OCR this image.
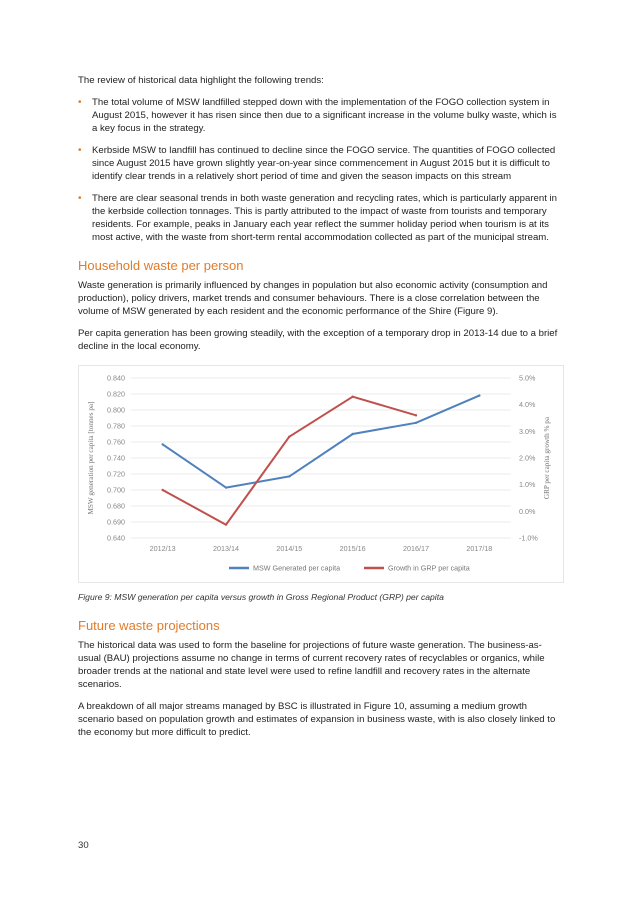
The review of historical data highlight the following trends:

• The total volume of MSW landfilled stepped down with the implementation of the FOGO collection system in August 2015, however it has risen since then due to a significant increase in the volume bulky waste, which is a key focus in the strategy.
• Kerbside MSW to landfill has continued to decline since the FOGO service. The quantities of FOGO collected since August 2015 have grown slightly year-on-year since commencement in August 2015 but it is difficult to identify clear trends in a relatively short period of time and given the season impacts on this stream
• There are clear seasonal trends in both waste generation and recycling rates, which is particularly apparent in the kerbside collection tonnages. This is partly attributed to the impact of waste from tourists and temporary residents. For example, peaks in January each year reflect the summer holiday period when tourism is at its most active, with the waste from short-term rental accommodation collected as part of the municipal stream.
Household waste per person

Waste generation is primarily influenced by changes in population but also economic activity (consumption and production), policy drivers, market trends and consumer behaviours. There is a close correlation between the volume of MSW generated by each resident and the economic performance of the Shire (Figure 9).

Per capita generation has been growing steadily, with the exception of a temporary drop in 2013-14 due to a brief decline in the local economy.

0.840
0.820
0.800
0.780
0.760
0.740
0.720
0.700
0.680
0.690
0.640
5.0%
4.0%
3.0%
2.0%
1.0%
0.0%
-1.0%
2012/13	2013/14	2014/15	2015/16	2016/17	2017/18
MSW generation per capita [tonnes pa]	GRP per capita growth % pa
MSW Generated per capita	Growth in GRP per capita

Figure 9: MSW generation per capita versus growth in Gross Regional Product (GRP) per capita

Future waste projections

The historical data was used to form the baseline for projections of future waste generation. The business-as-usual (BAU) projections assume no change in terms of current recovery rates of recyclables or organics, while broader trends at the national and state level were used to refine landfill and recovery rates in the alternate scenarios.

A breakdown of all major streams managed by BSC is illustrated in Figure 10, assuming a medium growth scenario based on population growth and estimates of expansion in business waste, with is also closely linked to the economy but more difficult to predict.

30
